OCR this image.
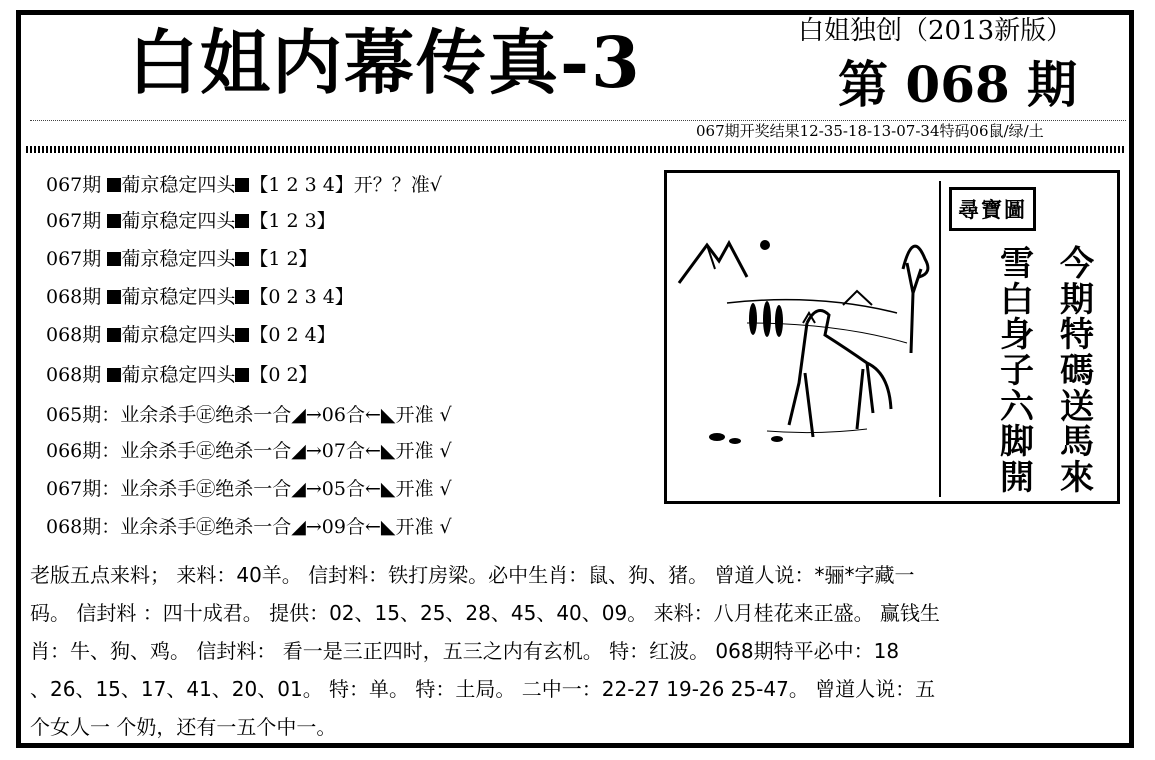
白姐内幕传真-3	白姐独创（2013新版）
第 068 期
067期开奖结果12-35-18-13-07-34特码06鼠/绿/土
067期 葡京稳定四头 【1 2 3 4】开？？准√
067期 葡京稳定四头 【1 2 3】
067期 葡京稳定四头 【1 2】
068期 葡京稳定四头 【0 2 3 4】
068期 葡京稳定四头 【0 2 4】
068期 葡京稳定四头 【0 2】
065期：业余杀手㊣绝杀一合◢→06合←◣开准 √
066期：业余杀手㊣绝杀一合◢→07合←◣开准 √
067期：业余杀手㊣绝杀一合◢→05合←◣开准 √
068期：业余杀手㊣绝杀一合◢→09合←◣开准 √
尋寶圖
今期特碼送馬來
雪白身子六脚開
老版五点来料； 来料：40羊。 信封料：铁打房梁。必中生肖：鼠、狗、猪。 曾道人说：*骊*字藏一
码。 信封料 ：四十成君。 提供：02、15、25、28、45、40、09。 来料：八月桂花来正盛。 赢钱生
肖：牛、狗、鸡。 信封料： 看一是三正四时，五三之内有玄机。 特：红波。 068期特平必中：18
、26、15、17、41、20、01。 特：单。 特：土局。 二中一：22-27 19-26 25-47。 曾道人说：五
个女人一 个奶，还有一五个中一。
